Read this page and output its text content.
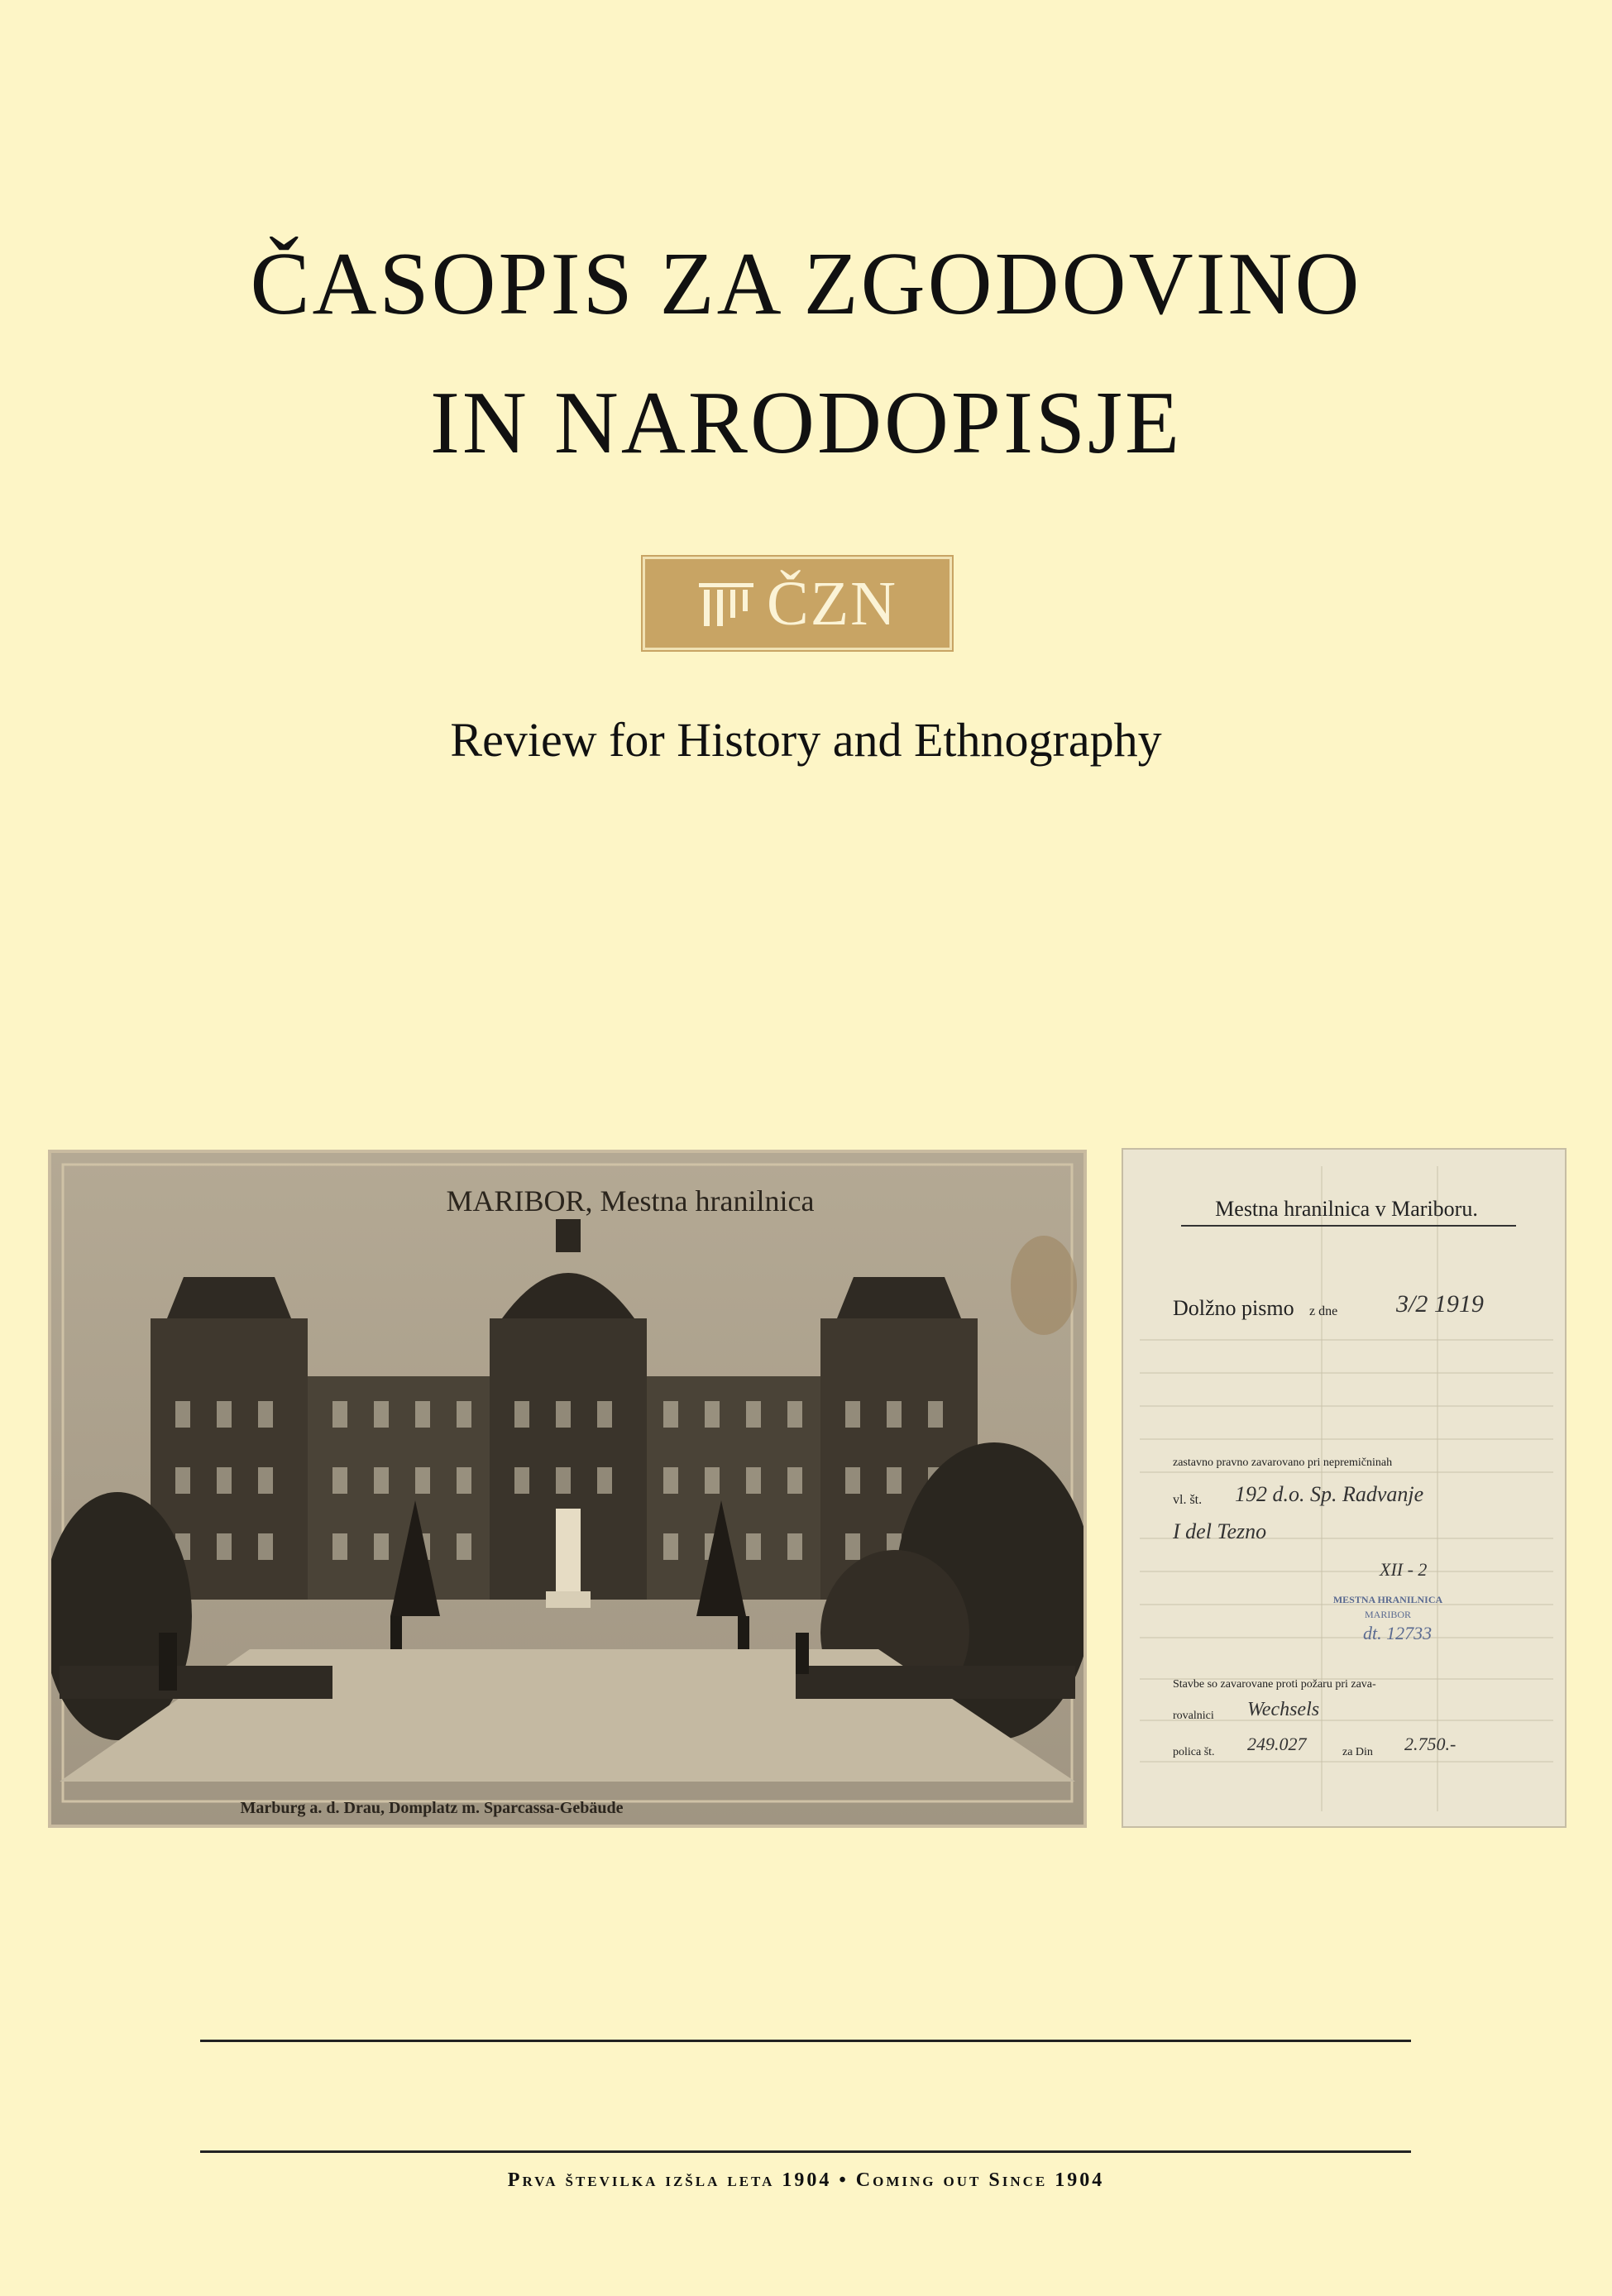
ČASOPIS ZA ZGODOVINO
IN NARODOPISJE
ČZN
Review for History and Ethnography
MARIBOR, Mestna hranilnica
Marburg a. d. Drau, Domplatz m. Sparcassa-Gebäude
Mestna hranilnica v Mariboru.
Dolžno pismo z dne 3/2 1919
zastavno pravno zavarovano pri nepremičninah
vl. št. 192 d.o. Sp. Radvanje
I del Tezno
XII - 2
MESTNA HRANILNICA
MARIBOR
dt. 12733
Stavbe so zavarovane proti požaru pri zava-
rovalnici Wechsels
polica št. 249.027	za Din 2.750.-
Prva številka izšla leta 1904 • Coming out Since 1904
